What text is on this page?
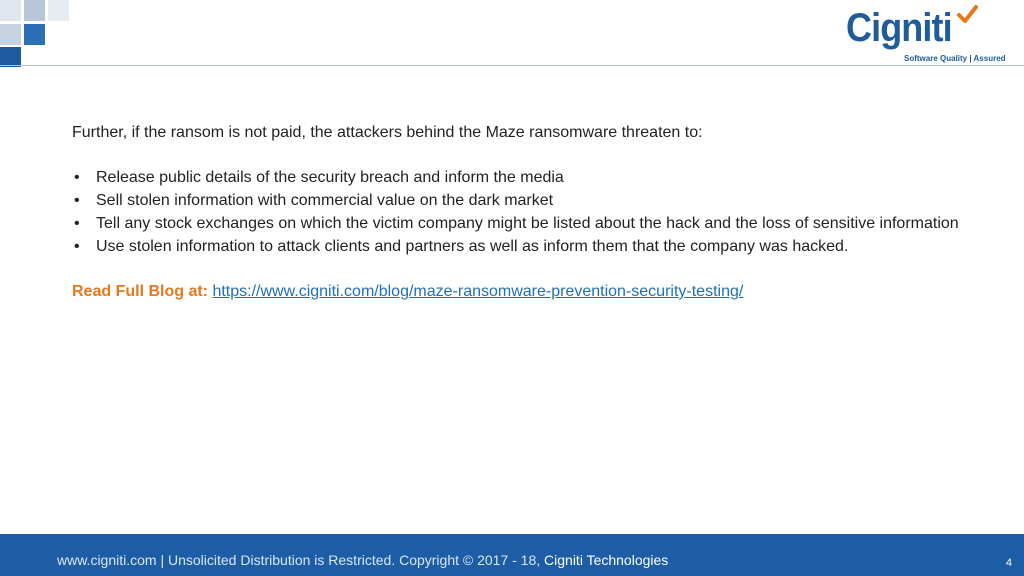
Cigniti
Software Quality | Assured

Further, if the ransom is not paid, the attackers behind the Maze ransomware threaten to:

• Release public details of the security breach and inform the media
• Sell stolen information with commercial value on the dark market
• Tell any stock exchanges on which the victim company might be listed about the hack and the loss of sensitive information
• Use stolen information to attack clients and partners as well as inform them that the company was hacked.

Read Full Blog at: https://www.cigniti.com/blog/maze-ransomware-prevention-security-testing/

www.cigniti.com | Unsolicited Distribution is Restricted. Copyright © 2017 - 18, Cigniti Technologies	4
